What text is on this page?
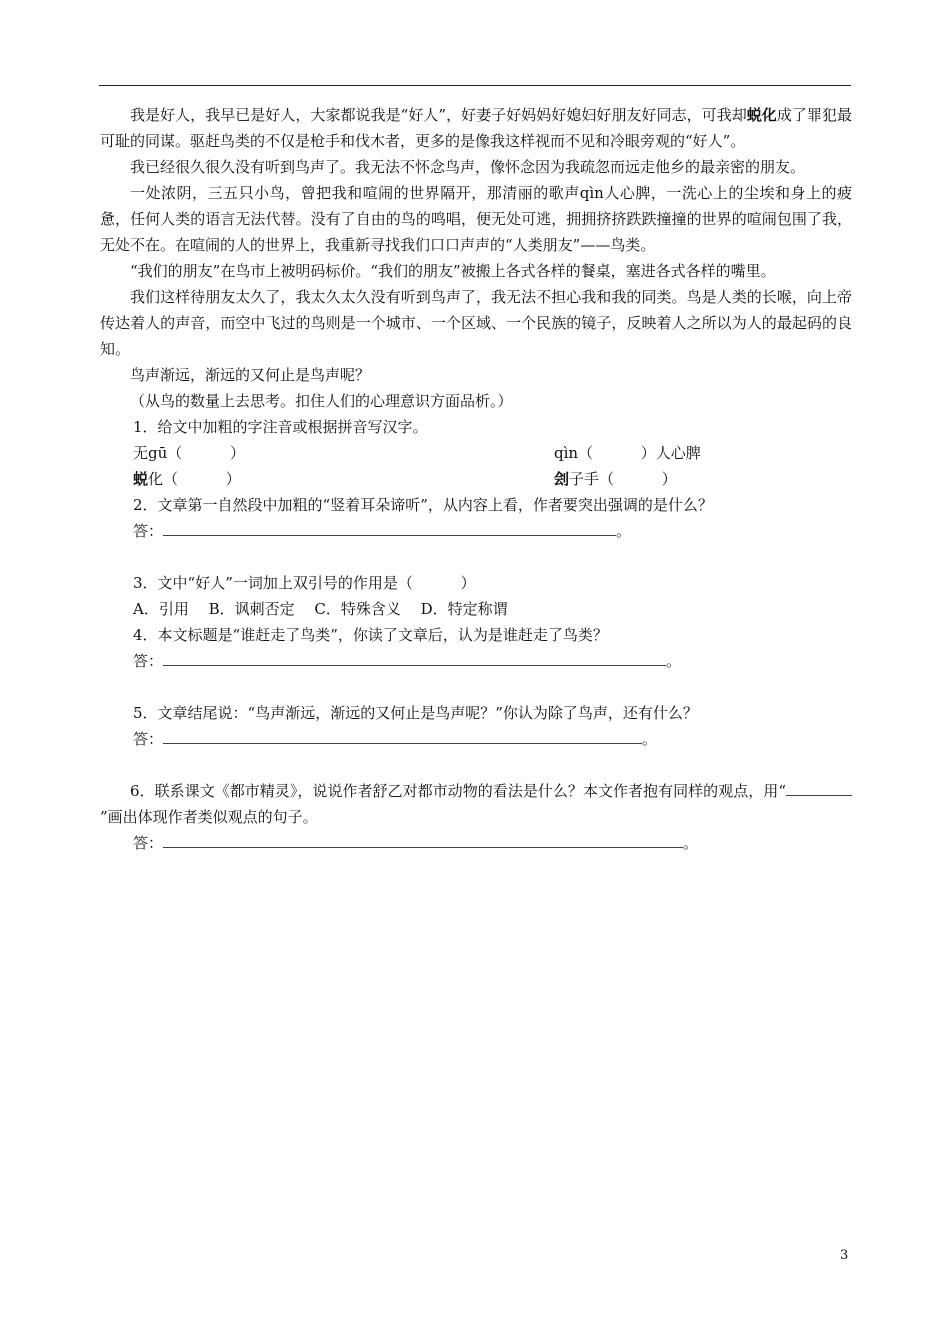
我是好人，我早已是好人，大家都说我是“好人”，好妻子好妈妈好媳妇好朋友好同志，可我却蜕化成了罪犯最可耻的同谋。驱赶鸟类的不仅是枪手和伐木者，更多的是像我这样视而不见和冷眼旁观的“好人”。

我已经很久很久没有听到鸟声了。我无法不怀念鸟声，像怀念因为我疏忽而远走他乡的最亲密的朋友。

一处浓阴，三五只小鸟，曾把我和喧闹的世界隔开，那清丽的歌声qìn人心脾，一洗心上的尘埃和身上的疲惫，任何人类的语言无法代替。没有了自由的鸟的鸣唱，便无处可逃，拥拥挤挤跌跌撞撞的世界的喧闹包围了我，无处不在。在喧闹的人的世界上，我重新寻找我们口口声声的“人类朋友”——鸟类。

“我们的朋友”在鸟市上被明码标价。“我们的朋友”被搬上各式各样的餐桌，塞进各式各样的嘴里。

我们这样待朋友太久了，我太久太久没有听到鸟声了，我无法不担心我和我的同类。鸟是人类的长喉，向上帝传达着人的声音，而空中飞过的鸟则是一个城市、一个区域、一个民族的镜子，反映着人之所以为人的最起码的良知。

鸟声渐远，渐远的又何止是鸟声呢？

（从鸟的数量上去思考。扣住人们的心理意识方面品析。）

1．给文中加粗的字注音或根据拼音写汉字。

无gū（	）	qìn（	）人心脾
蜕化（	）	刽子手（	）

2．文章第一自然段中加粗的“竖着耳朵谛听”，从内容上看，作者要突出强调的是什么？

答：	。

3．文中“好人”一词加上双引号的作用是（	）

A．引用　 B．讽刺否定　 C．特殊含义　 D．特定称谓

4．本文标题是“谁赶走了鸟类”，你读了文章后，认为是谁赶走了鸟类？

答：	。

5．文章结尾说：“鸟声渐远，渐远的又何止是鸟声呢？”你认为除了鸟声，还有什么？

答：	。

6．联系课文《都市精灵》，说说作者舒乙对都市动物的看法是什么？本文作者抱有同样的观点，用“”画出体现作者类似观点的句子。

答：	。

3
